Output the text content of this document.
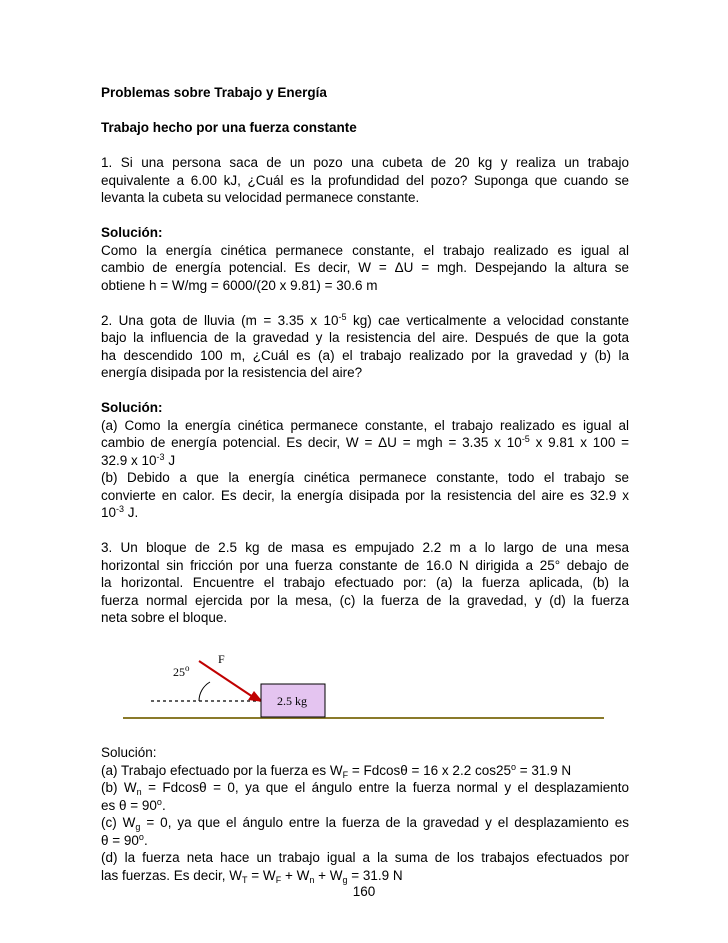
Problemas sobre Trabajo y Energía

Trabajo hecho por una fuerza constante

1. Si una persona saca de un pozo una cubeta de 20 kg y realiza un trabajo

equivalente a 6.00 kJ, ¿Cuál es la profundidad del pozo? Suponga que cuando se

levanta la cubeta su velocidad permanece constante.

Solución:

Como la energía cinética permanece constante, el trabajo realizado es igual al

cambio de energía potencial. Es decir, W = ΔU = mgh. Despejando la altura se

obtiene h = W/mg = 6000/(20 x 9.81) = 30.6 m

2. Una gota de lluvia (m = 3.35 x $10^{-5}$ kg) cae verticalmente a velocidad constante

bajo la influencia de la gravedad y la resistencia del aire. Después de que la gota

ha descendido 100 m, ¿Cuál es (a) el trabajo realizado por la gravedad y (b) la

energía disipada por la resistencia del aire?

Solución:

(a) Como la energía cinética permanece constante, el trabajo realizado es igual al

cambio de energía potencial. Es decir, W = ΔU = mgh = 3.35 x $10^{-5}$ x 9.81 x 100 =

32.9 x $10^{-3}$ J

(b) Debido a que la energía cinética permanece constante, todo el trabajo se

convierte en calor. Es decir, la energía disipada por la resistencia del aire es 32.9 x

$10^{-3}$ J.

3. Un bloque de 2.5 kg de masa es empujado 2.2 m a lo largo de una mesa

horizontal sin fricción por una fuerza constante de 16.0 N dirigida a 25° debajo de

la horizontal. Encuentre el trabajo efectuado por: (a) la fuerza aplicada, (b) la

fuerza normal ejercida por la mesa, (c) la fuerza de la gravedad, y (d) la fuerza

neta sobre el bloque.

F
25$^o$
2.5 kg

Solución:

(a) Trabajo efectuado por la fuerza es $W_F = Fdcos\theta = 16$ x 2.2 $\cos 25^o = 31.9$ N

(b) $W_n = Fdcos\theta = 0$, ya que el ángulo entre la fuerza normal y el desplazamiento

es $\theta = 90^o$.

(c) $W_g = 0$, ya que el ángulo entre la fuerza de la gravedad y el desplazamiento es

$\theta = 90^o$.

(d) la fuerza neta hace un trabajo igual a la suma de los trabajos efectuados por

las fuerzas. Es decir, $W_T = W_F + W_n + W_g = 31.9$ N

160
